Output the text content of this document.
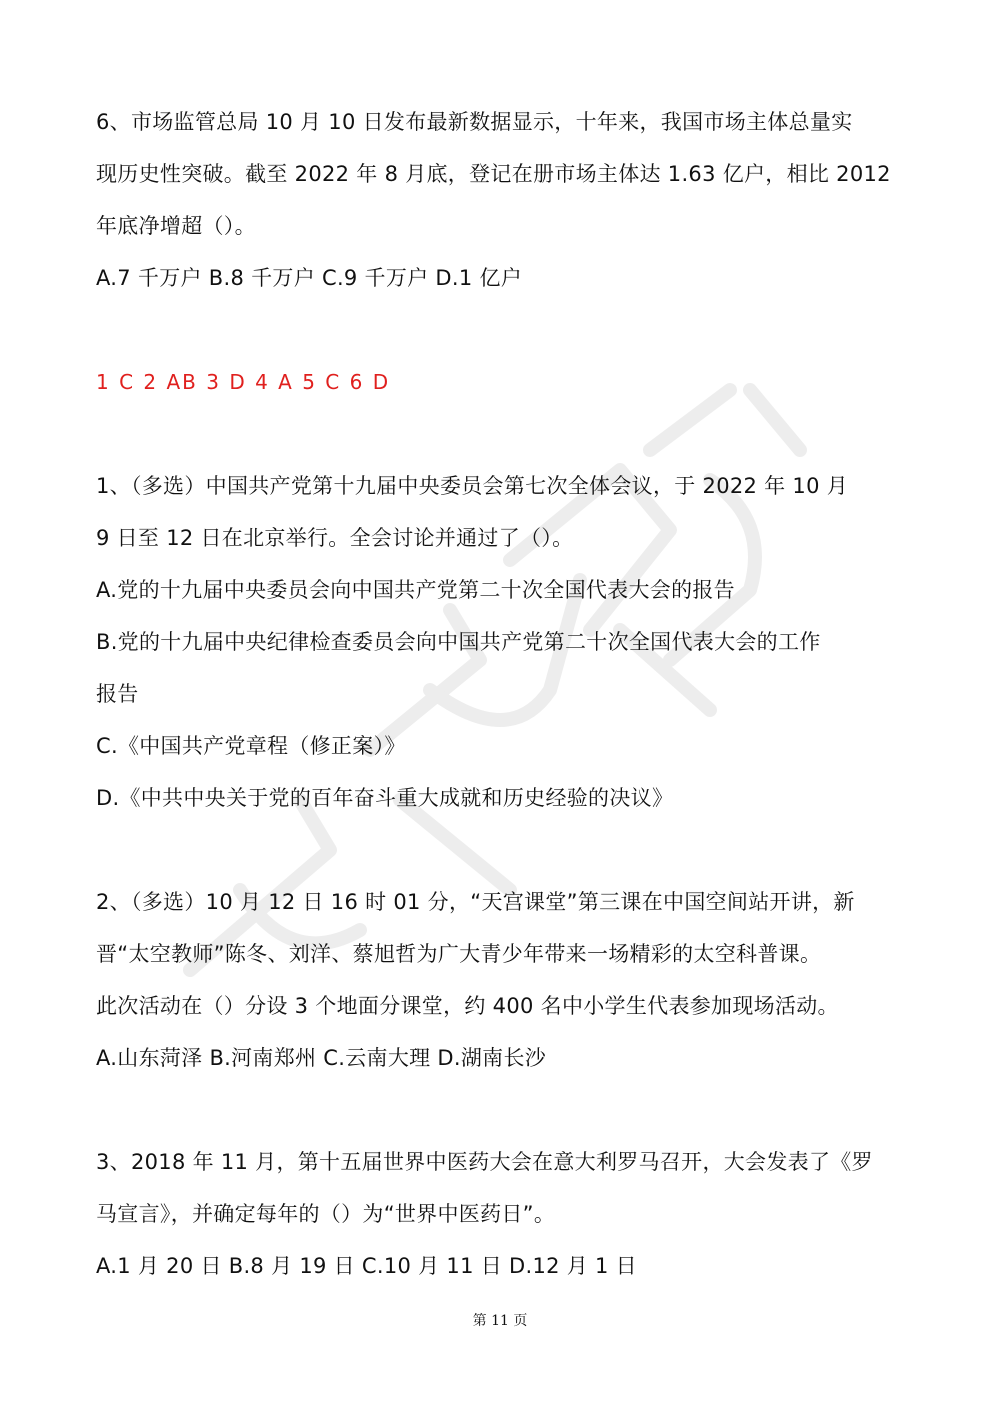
6、市场监管总局 10 月 10 日发布最新数据显示，十年来，我国市场主体总量实
现历史性突破。截至 2022 年 8 月底，登记在册市场主体达 1.63 亿户，相比 2012
年底净增超（）。
A.7 千万户 B.8 千万户 C.9 千万户 D.1 亿户
1 C 2 AB 3 D 4 A 5 C 6 D
1、（多选）中国共产党第十九届中央委员会第七次全体会议，于 2022 年 10 月
9 日至 12 日在北京举行。全会讨论并通过了（）。
A.党的十九届中央委员会向中国共产党第二十次全国代表大会的报告
B.党的十九届中央纪律检查委员会向中国共产党第二十次全国代表大会的工作
报告
C.《中国共产党章程（修正案）》
D.《中共中央关于党的百年奋斗重大成就和历史经验的决议》
2、（多选）10 月 12 日 16 时 01 分，“天宫课堂”第三课在中国空间站开讲，新
晋“太空教师”陈冬、刘洋、蔡旭哲为广大青少年带来一场精彩的太空科普课。
此次活动在（）分设 3 个地面分课堂，约 400 名中小学生代表参加现场活动。
A.山东菏泽 B.河南郑州 C.云南大理 D.湖南长沙
3、2018 年 11 月，第十五届世界中医药大会在意大利罗马召开，大会发表了《罗
马宣言》，并确定每年的（）为“世界中医药日”。
A.1 月 20 日 B.8 月 19 日 C.10 月 11 日 D.12 月 1 日
第 11 页
